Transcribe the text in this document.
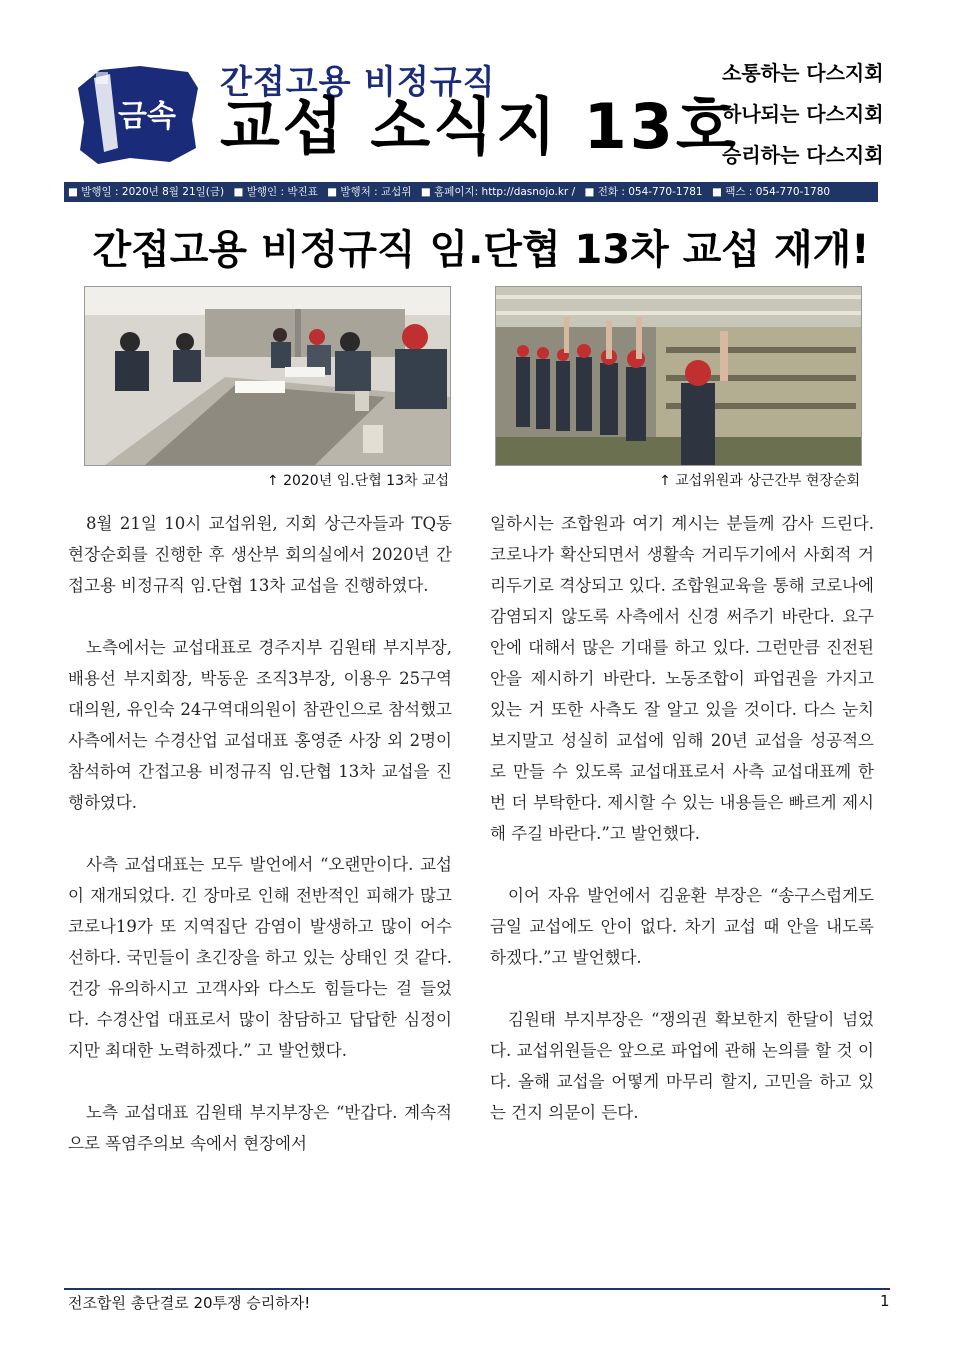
금속
간접고용 비정규직
교섭 소식지 13호
소통하는 다스지회
하나되는 다스지회
승리하는 다스지회
■ 발행일 : 2020년 8월 21일(금) ■ 발행인 : 박진표 ■ 발행처 : 교섭위 ■ 홈페이지: http://dasnojo.kr / ■ 전화 : 054-770-1781 ■ 팩스 : 054-770-1780
간접고용 비정규직 임.단협 13차 교섭 재개!
↑ 2020년 임.단협 13차 교섭	↑ 교섭위원과 상근간부 현장순회

8월 21일 10시 교섭위원, 지회 상근자들과 TQ동 현장순회를 진행한 후 생산부 회의실에서 2020년 간접고용 비정규직 임.단협 13차 교섭을 진행하였다.

노측에서는 교섭대표로 경주지부 김원태 부지부장, 배용선 부지회장, 박동운 조직3부장, 이용우 25구역대의원, 유인숙 24구역대의원이 참관인으로 참석했고 사측에서는 수경산업 교섭대표 홍영준 사장 외 2명이 참석하여 간접고용 비정규직 임.단협 13차 교섭을 진행하였다.

사측 교섭대표는 모두 발언에서 “오랜만이다. 교섭이 재개되었다. 긴 장마로 인해 전반적인 피해가 많고 코로나19가 또 지역집단 감염이 발생하고 많이 어수선하다. 국민들이 초긴장을 하고 있는 상태인 것 같다. 건강 유의하시고 고객사와 다스도 힘들다는 걸 들었다. 수경산업 대표로서 많이 참담하고 답답한 심정이지만 최대한 노력하겠다.” 고 발언했다.

노측 교섭대표 김원태 부지부장은 “반갑다. 계속적으로 폭염주의보 속에서 현장에서

일하시는 조합원과 여기 계시는 분들께 감사 드린다. 코로나가 확산되면서 생활속 거리두기에서 사회적 거리두기로 격상되고 있다. 조합원교육을 통해 코로나에 감염되지 않도록 사측에서 신경 써주기 바란다. 요구안에 대해서 많은 기대를 하고 있다. 그런만큼 진전된 안을 제시하기 바란다. 노동조합이 파업권을 가지고 있는 거 또한 사측도 잘 알고 있을 것이다. 다스 눈치 보지말고 성실히 교섭에 임해 20년 교섭을 성공적으로 만들 수 있도록 교섭대표로서 사측 교섭대표께 한번 더 부탁한다. 제시할 수 있는 내용들은 빠르게 제시해 주길 바란다.”고 발언했다.

이어 자유 발언에서 김윤환 부장은 “송구스럽게도 금일 교섭에도 안이 없다. 차기 교섭 때 안을 내도록 하겠다.”고 발언했다.

김원태 부지부장은 “쟁의권 확보한지 한달이 넘었다. 교섭위원들은 앞으로 파업에 관해 논의를 할 것 이다. 올해 교섭을 어떻게 마무리 할지, 고민을 하고 있는 건지 의문이 든다.

전조합원 총단결로 20투쟁 승리하자!	1
